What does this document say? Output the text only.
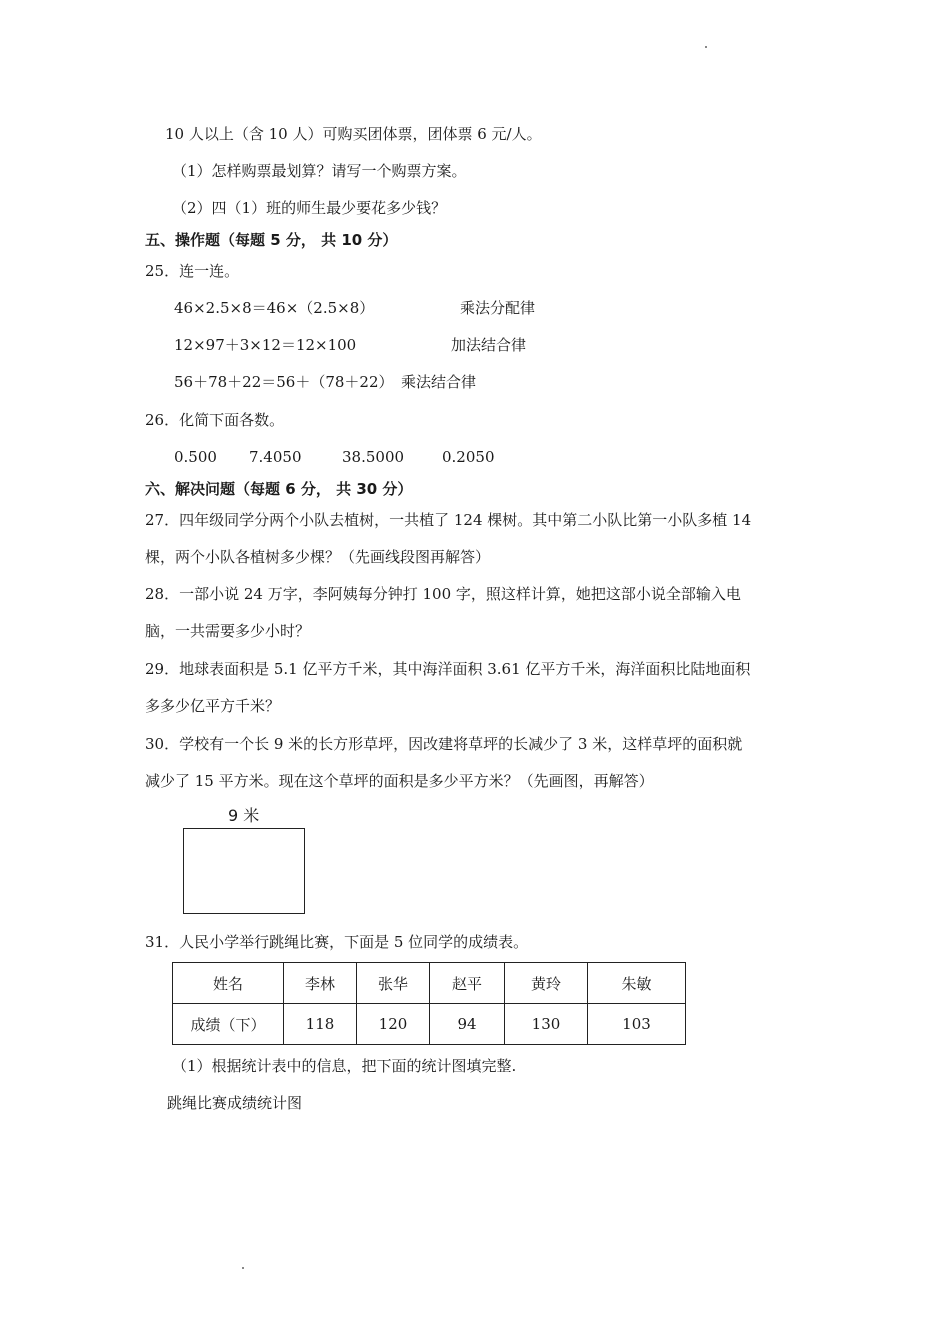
10 人以上（含 10 人）可购买团体票，团体票 6 元/人。
（1）怎样购票最划算？请写一个购票方案。
（2）四（1）班的师生最少要花多少钱？
五、操作题（每题 5 分， 共 10 分）
25．连一连。
46×2.5×8＝46×（2.5×8）	乘法分配律
12×97＋3×12＝12×100	加法结合律
56＋78＋22＝56＋（78＋22） 乘法结合律
26．化简下面各数。
0.500 7.4050	38.5000	0.2050
六、解决问题（每题 6 分， 共 30 分）
27．四年级同学分两个小队去植树，一共植了 124 棵树。其中第二小队比第一小队多植 14
棵，两个小队各植树多少棵？（先画线段图再解答）
28．一部小说 24 万字，李阿姨每分钟打 100 字，照这样计算，她把这部小说全部输入电
脑，一共需要多少小时？
29．地球表面积是 5.1 亿平方千米，其中海洋面积 3.61 亿平方千米，海洋面积比陆地面积
多多少亿平方千米？
30．学校有一个长 9 米的长方形草坪，因改建将草坪的长减少了 3 米，这样草坪的面积就
减少了 15 平方米。现在这个草坪的面积是多少平方米？（先画图，再解答）
9 米
31．人民小学举行跳绳比赛，下面是 5 位同学的成绩表。
姓名	李林	张华	赵平	黄玲	朱敏
成绩（下）	118	120	94	130	103
（1）根据统计表中的信息，把下面的统计图填完整.
跳绳比赛成绩统计图
